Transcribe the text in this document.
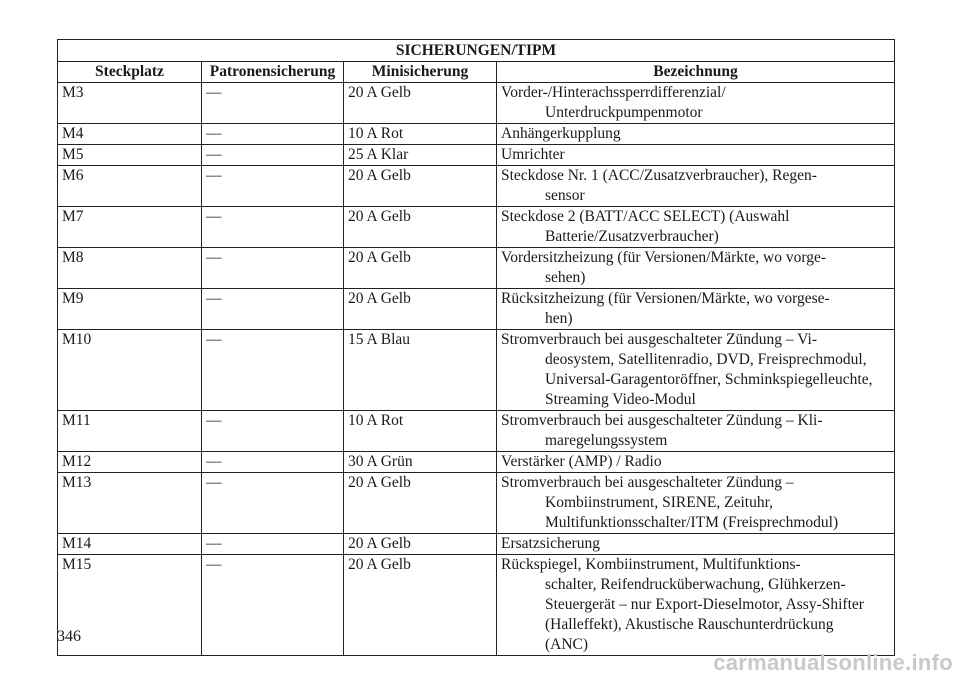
SICHERUNGEN/TIPM			
Steckplatz	Patronensicherung	Minisicherung	Bezeichnung
M3	—	20 A Gelb	Vorder-/Hinterachssperrdifferenzial/
Unterdruckpumpenmotor

M4	—	10 A Rot	Anhängerkupplung

M5	—	25 A Klar	Umrichter

M6	—	20 A Gelb	Steckdose Nr. 1 (ACC/Zusatzverbraucher), Regen-
sensor

M7	—	20 A Gelb	Steckdose 2 (BATT/ACC SELECT) (Auswahl
Batterie/Zusatzverbraucher)

M8	—	20 A Gelb	Vordersitzheizung (für Versionen/Märkte, wo vorge-
sehen)

M9	—	20 A Gelb	Rücksitzheizung (für Versionen/Märkte, wo vorgese-
hen)

M10	—	15 A Blau	Stromverbrauch bei ausgeschalteter Zündung – Vi-
deosystem, Satellitenradio, DVD, Freisprechmodul,
Universal-Garagentoröffner, Schminkspiegelleuchte,
Streaming Video-Modul

M11	—	10 A Rot	Stromverbrauch bei ausgeschalteter Zündung – Kli-
maregelungssystem

M12	—	30 A Grün	Verstärker (AMP) / Radio

M13	—	20 A Gelb	Stromverbrauch bei ausgeschalteter Zündung –
Kombiinstrument, SIRENE, Zeituhr,
Multifunktionsschalter/ITM (Freisprechmodul)

M14	—	20 A Gelb	Ersatzsicherung

M15	—	20 A Gelb	Rückspiegel, Kombiinstrument, Multifunktions-
schalter, Reifendrucküberwachung, Glühkerzen-
Steuergerät – nur Export-Dieselmotor, Assy-Shifter
(Halleffekt), Akustische Rauschunterdrückung
(ANC)
346
carmanualsonline.info
